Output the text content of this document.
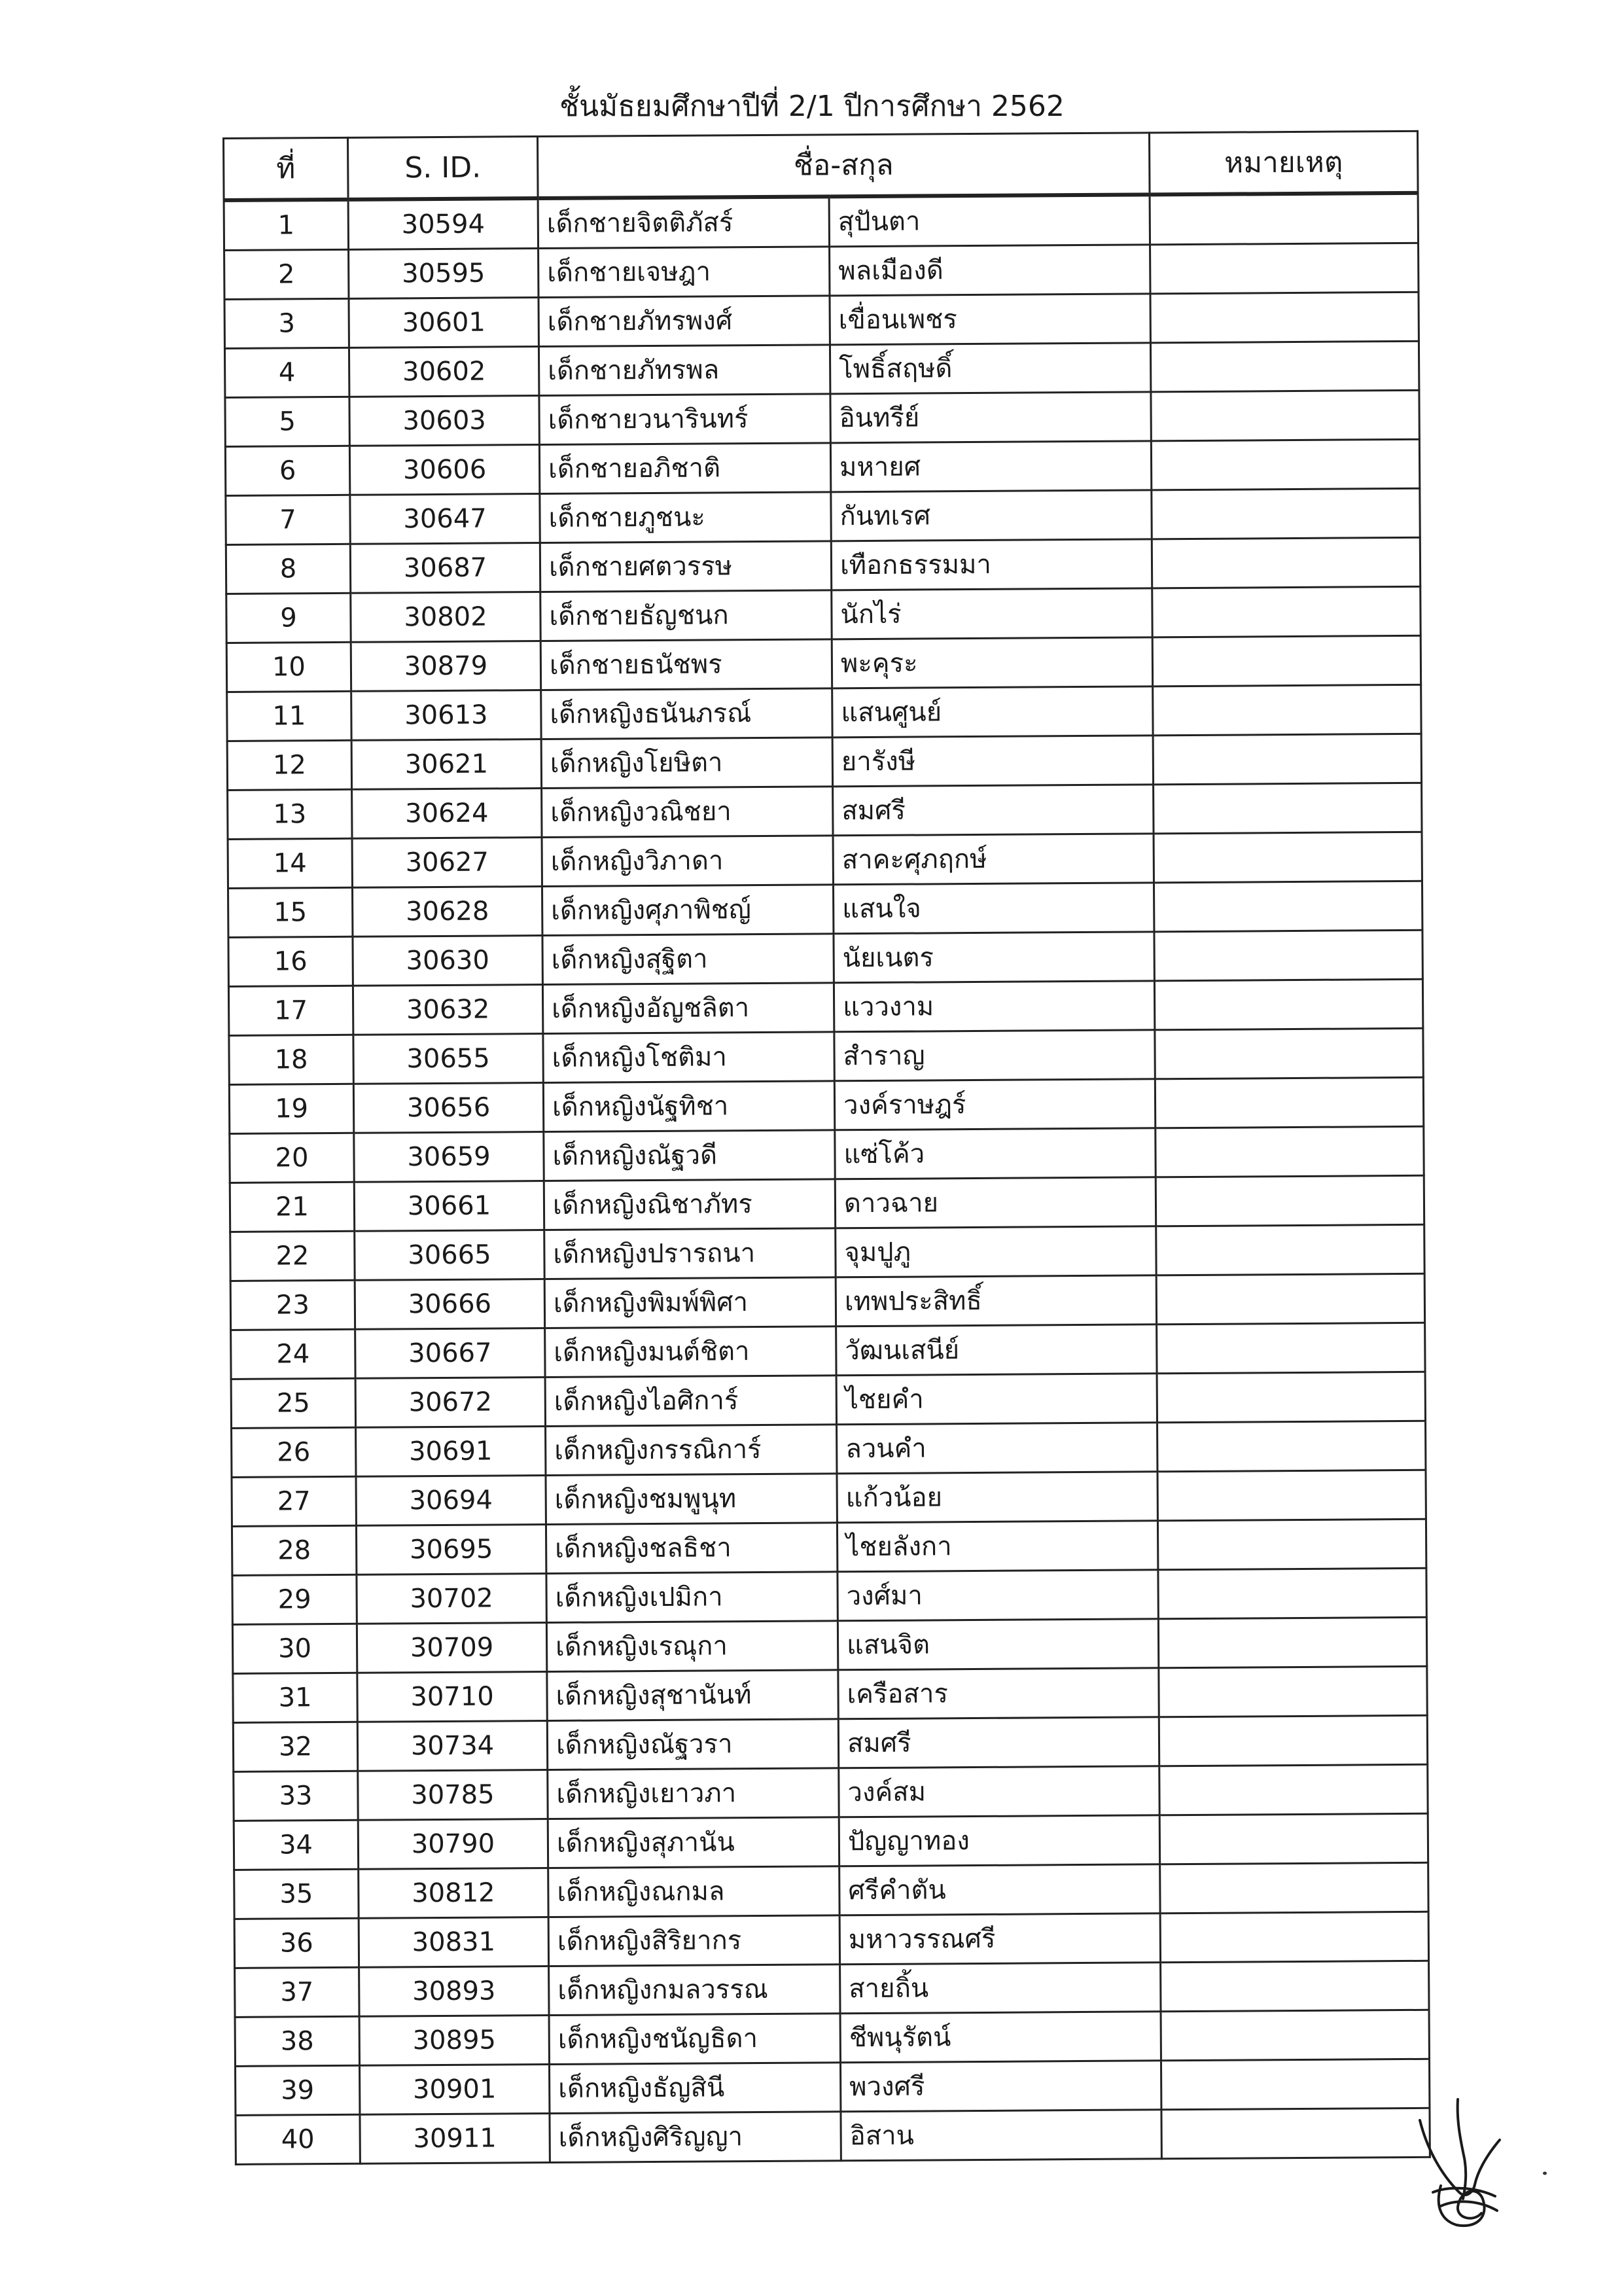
ชั้นมัธยมศึกษาปีที่ 2/1 ปีการศึกษา 2562
ที่	S. ID.	ชื่อ-สกุล		หมายเหตุ
1	30594	เด็กชายจิตติภัสร์	สุปันตา	
2	30595	เด็กชายเจษฎา	พลเมืองดี	
3	30601	เด็กชายภัทรพงศ์	เขื่อนเพชร	
4	30602	เด็กชายภัทรพล	โพธิ์สฤษดิ์	
5	30603	เด็กชายวนารินทร์	อินทรีย์	
6	30606	เด็กชายอภิชาติ	มหายศ	
7	30647	เด็กชายภูชนะ	กันทเรศ	
8	30687	เด็กชายศตวรรษ	เทือกธรรมมา	
9	30802	เด็กชายธัญชนก	นักไร่	
10	30879	เด็กชายธนัชพร	พะคุระ	
11	30613	เด็กหญิงธนันภรณ์	แสนศูนย์	
12	30621	เด็กหญิงโยษิตา	ยารังษี	
13	30624	เด็กหญิงวณิชยา	สมศรี	
14	30627	เด็กหญิงวิภาดา	สาคะศุภฤกษ์	
15	30628	เด็กหญิงศุภาพิชญ์	แสนใจ	
16	30630	เด็กหญิงสุฐิตา	นัยเนตร	
17	30632	เด็กหญิงอัญชลิตา	แววงาม	
18	30655	เด็กหญิงโชติมา	สำราญ	
19	30656	เด็กหญิงนัฐทิชา	วงค์ราษฎร์	
20	30659	เด็กหญิงณัฐวดี	แซ่โค้ว	
21	30661	เด็กหญิงณิชาภัทร	ดาวฉาย	
22	30665	เด็กหญิงปรารถนา	จุมปูภู	
23	30666	เด็กหญิงพิมพ์พิศา	เทพประสิทธิ์	
24	30667	เด็กหญิงมนต์ชิตา	วัฒนเสนีย์	
25	30672	เด็กหญิงไอศิการ์	ไชยคำ	
26	30691	เด็กหญิงกรรณิการ์	ลวนคำ	
27	30694	เด็กหญิงชมพูนุท	แก้วน้อย	
28	30695	เด็กหญิงชลธิชา	ไชยลังกา	
29	30702	เด็กหญิงเปมิกา	วงศ์มา	
30	30709	เด็กหญิงเรณุกา	แสนจิต	
31	30710	เด็กหญิงสุชานันท์	เครือสาร	
32	30734	เด็กหญิงณัฐวรา	สมศรี	
33	30785	เด็กหญิงเยาวภา	วงค์สม	
34	30790	เด็กหญิงสุภานัน	ปัญญาทอง	
35	30812	เด็กหญิงณกมล	ศรีคำตัน	
36	30831	เด็กหญิงสิริยากร	มหาวรรณศรี	
37	30893	เด็กหญิงกมลวรรณ	สายถิ้น	
38	30895	เด็กหญิงชนัญธิดา	ชีพนุรัตน์	
39	30901	เด็กหญิงธัญสินี	พวงศรี	
40	30911	เด็กหญิงศิริญญา	อิสาน	
